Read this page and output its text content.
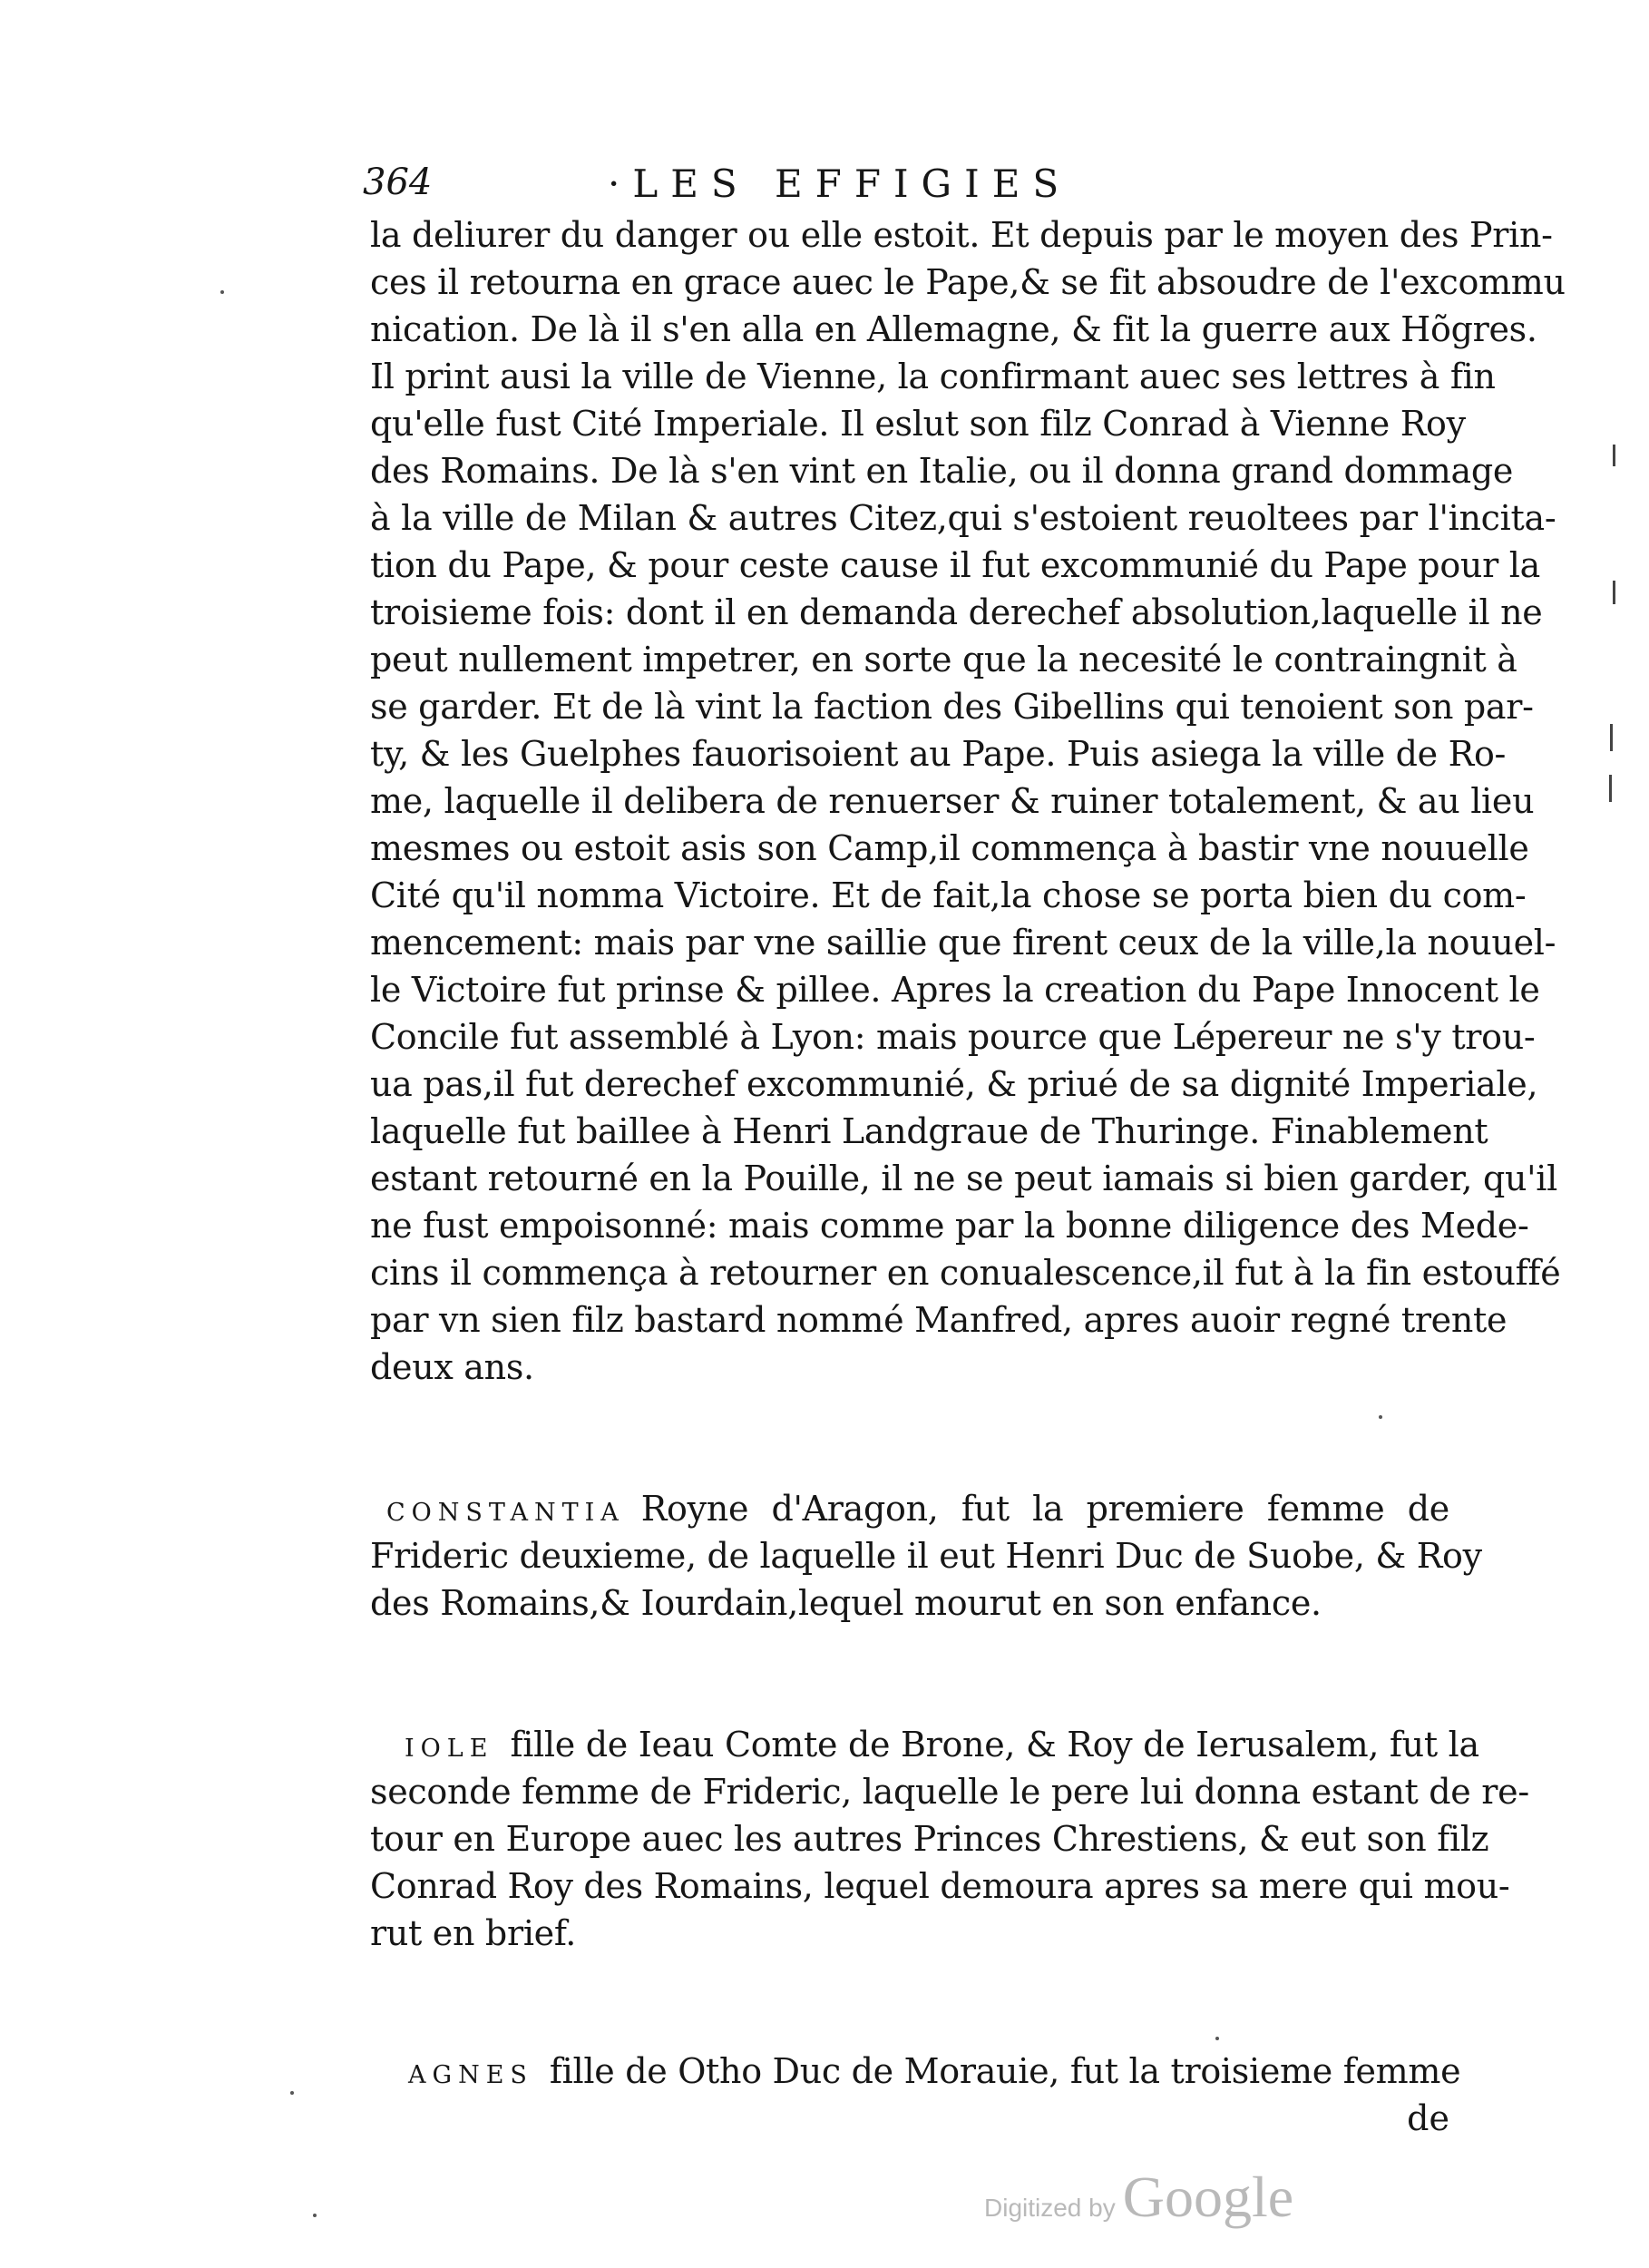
364	·LES EFFIGIES
la deliurer du danger ou elle estoit. Et depuis par le moyen des Prin-
ces il retourna en grace auec le Pape,& se fit absoudre de l'excommu
nication. De là il s'en alla en Allemagne, & fit la guerre aux Hõgres.
Il print ausi la ville de Vienne, la confirmant auec ses lettres à fin
qu'elle fust Cité Imperiale. Il eslut son filz Conrad à Vienne Roy
des Romains. De là s'en vint en Italie, ou il donna grand dommage
à la ville de Milan & autres Citez,qui s'estoient reuoltees par l'incita-
tion du Pape, & pour ceste cause il fut excommunié du Pape pour la
troisieme fois: dont il en demanda derechef absolution,laquelle il ne
peut nullement impetrer, en sorte que la necesité le contraingnit à
se garder. Et de là vint la faction des Gibellins qui tenoient son par-
ty, & les Guelphes fauorisoient au Pape. Puis asiega la ville de Ro-
me, laquelle il delibera de renuerser & ruiner totalement, & au lieu
mesmes ou estoit asis son Camp,il commença à bastir vne nouuelle
Cité qu'il nomma Victoire. Et de fait,la chose se porta bien du com-
mencement: mais par vne saillie que firent ceux de la ville,la nouuel-
le Victoire fut prinse & pillee. Apres la creation du Pape Innocent le
Concile fut assemblé à Lyon: mais pource que Lépereur ne s'y trou-
ua pas,il fut derechef excommunié, & priué de sa dignité Imperiale,
laquelle fut baillee à Henri Landgraue de Thuringe. Finablement
estant retourné en la Pouille, il ne se peut iamais si bien garder, qu'il
ne fust empoisonné: mais comme par la bonne diligence des Mede-
cins il commença à retourner en conualescence,il fut à la fin estouffé
par vn sien filz bastard nommé Manfred, apres auoir regné trente
deux ans.
CONSTANTIA Royne d'Aragon, fut la premiere femme de
Frideric deuxieme, de laquelle il eut Henri Duc de Suobe, & Roy
des Romains,& Iourdain,lequel mourut en son enfance.
IOLE fille de Ieau Comte de Brone, & Roy de Ierusalem, fut la
seconde femme de Frideric, laquelle le pere lui donna estant de re-
tour en Europe auec les autres Princes Chrestiens, & eut son filz
Conrad Roy des Romains, lequel demoura apres sa mere qui mou-
rut en brief.
AGNES fille de Otho Duc de Morauie, fut la troisieme femme
de
Digitized by Google
